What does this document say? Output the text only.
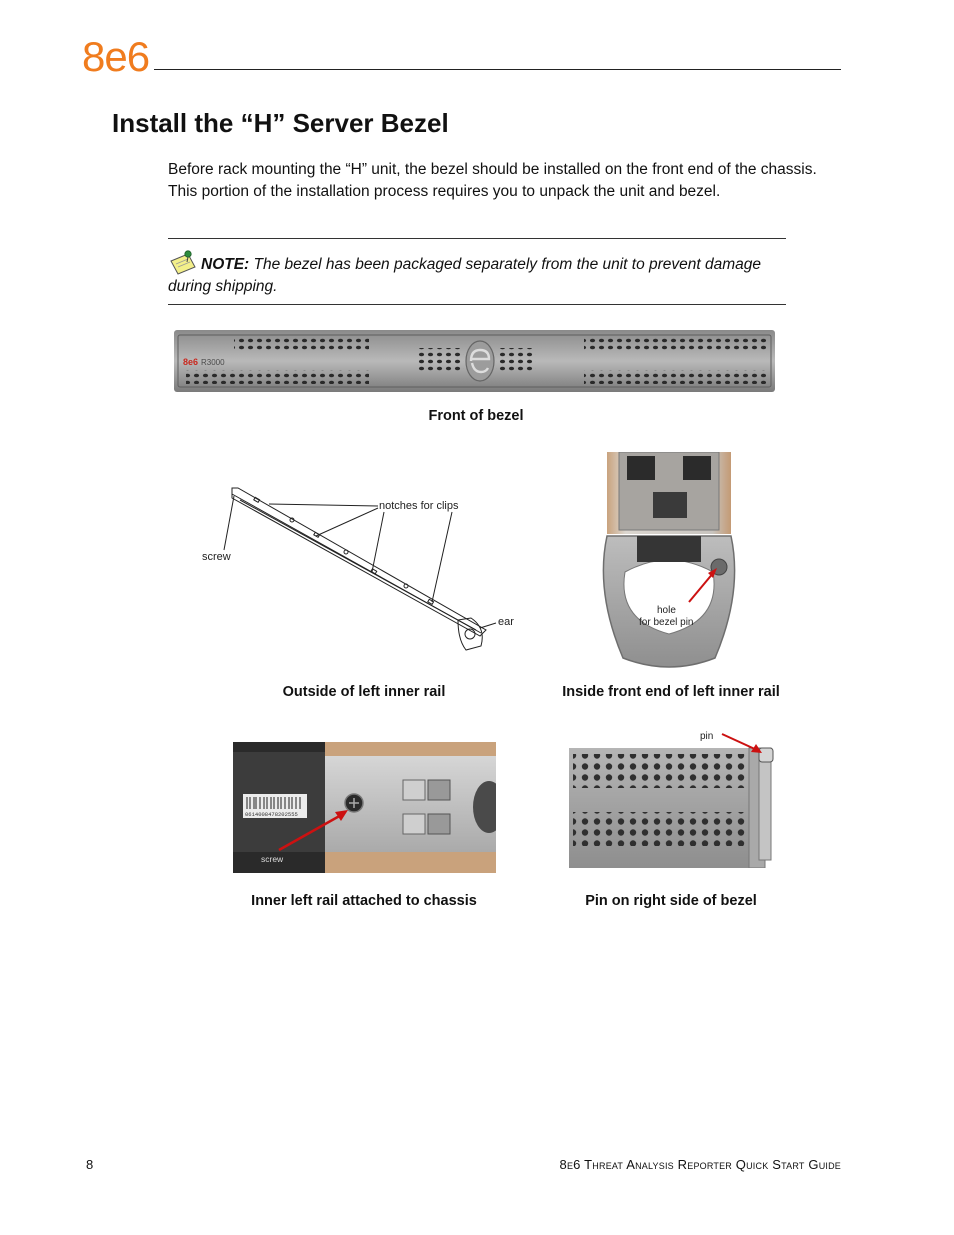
8e6
Install the “H” Server Bezel
Before rack mounting the “H” unit, the bezel should be installed on the front end of the chassis. This portion of the installation process requires you to unpack the unit and bezel.
NOTE: The bezel has been packaged separately from the unit to prevent damage during shipping.
8e6 R3000
Front of bezel
notches for clips
screw
ear
Outside of left inner rail
hole
for bezel pin
Inside front end of left inner rail
0614008478202555
screw
Inner left rail attached to chassis
pin
Pin on right side of bezel
8	8e6 Threat Analysis Reporter Quick Start Guide
